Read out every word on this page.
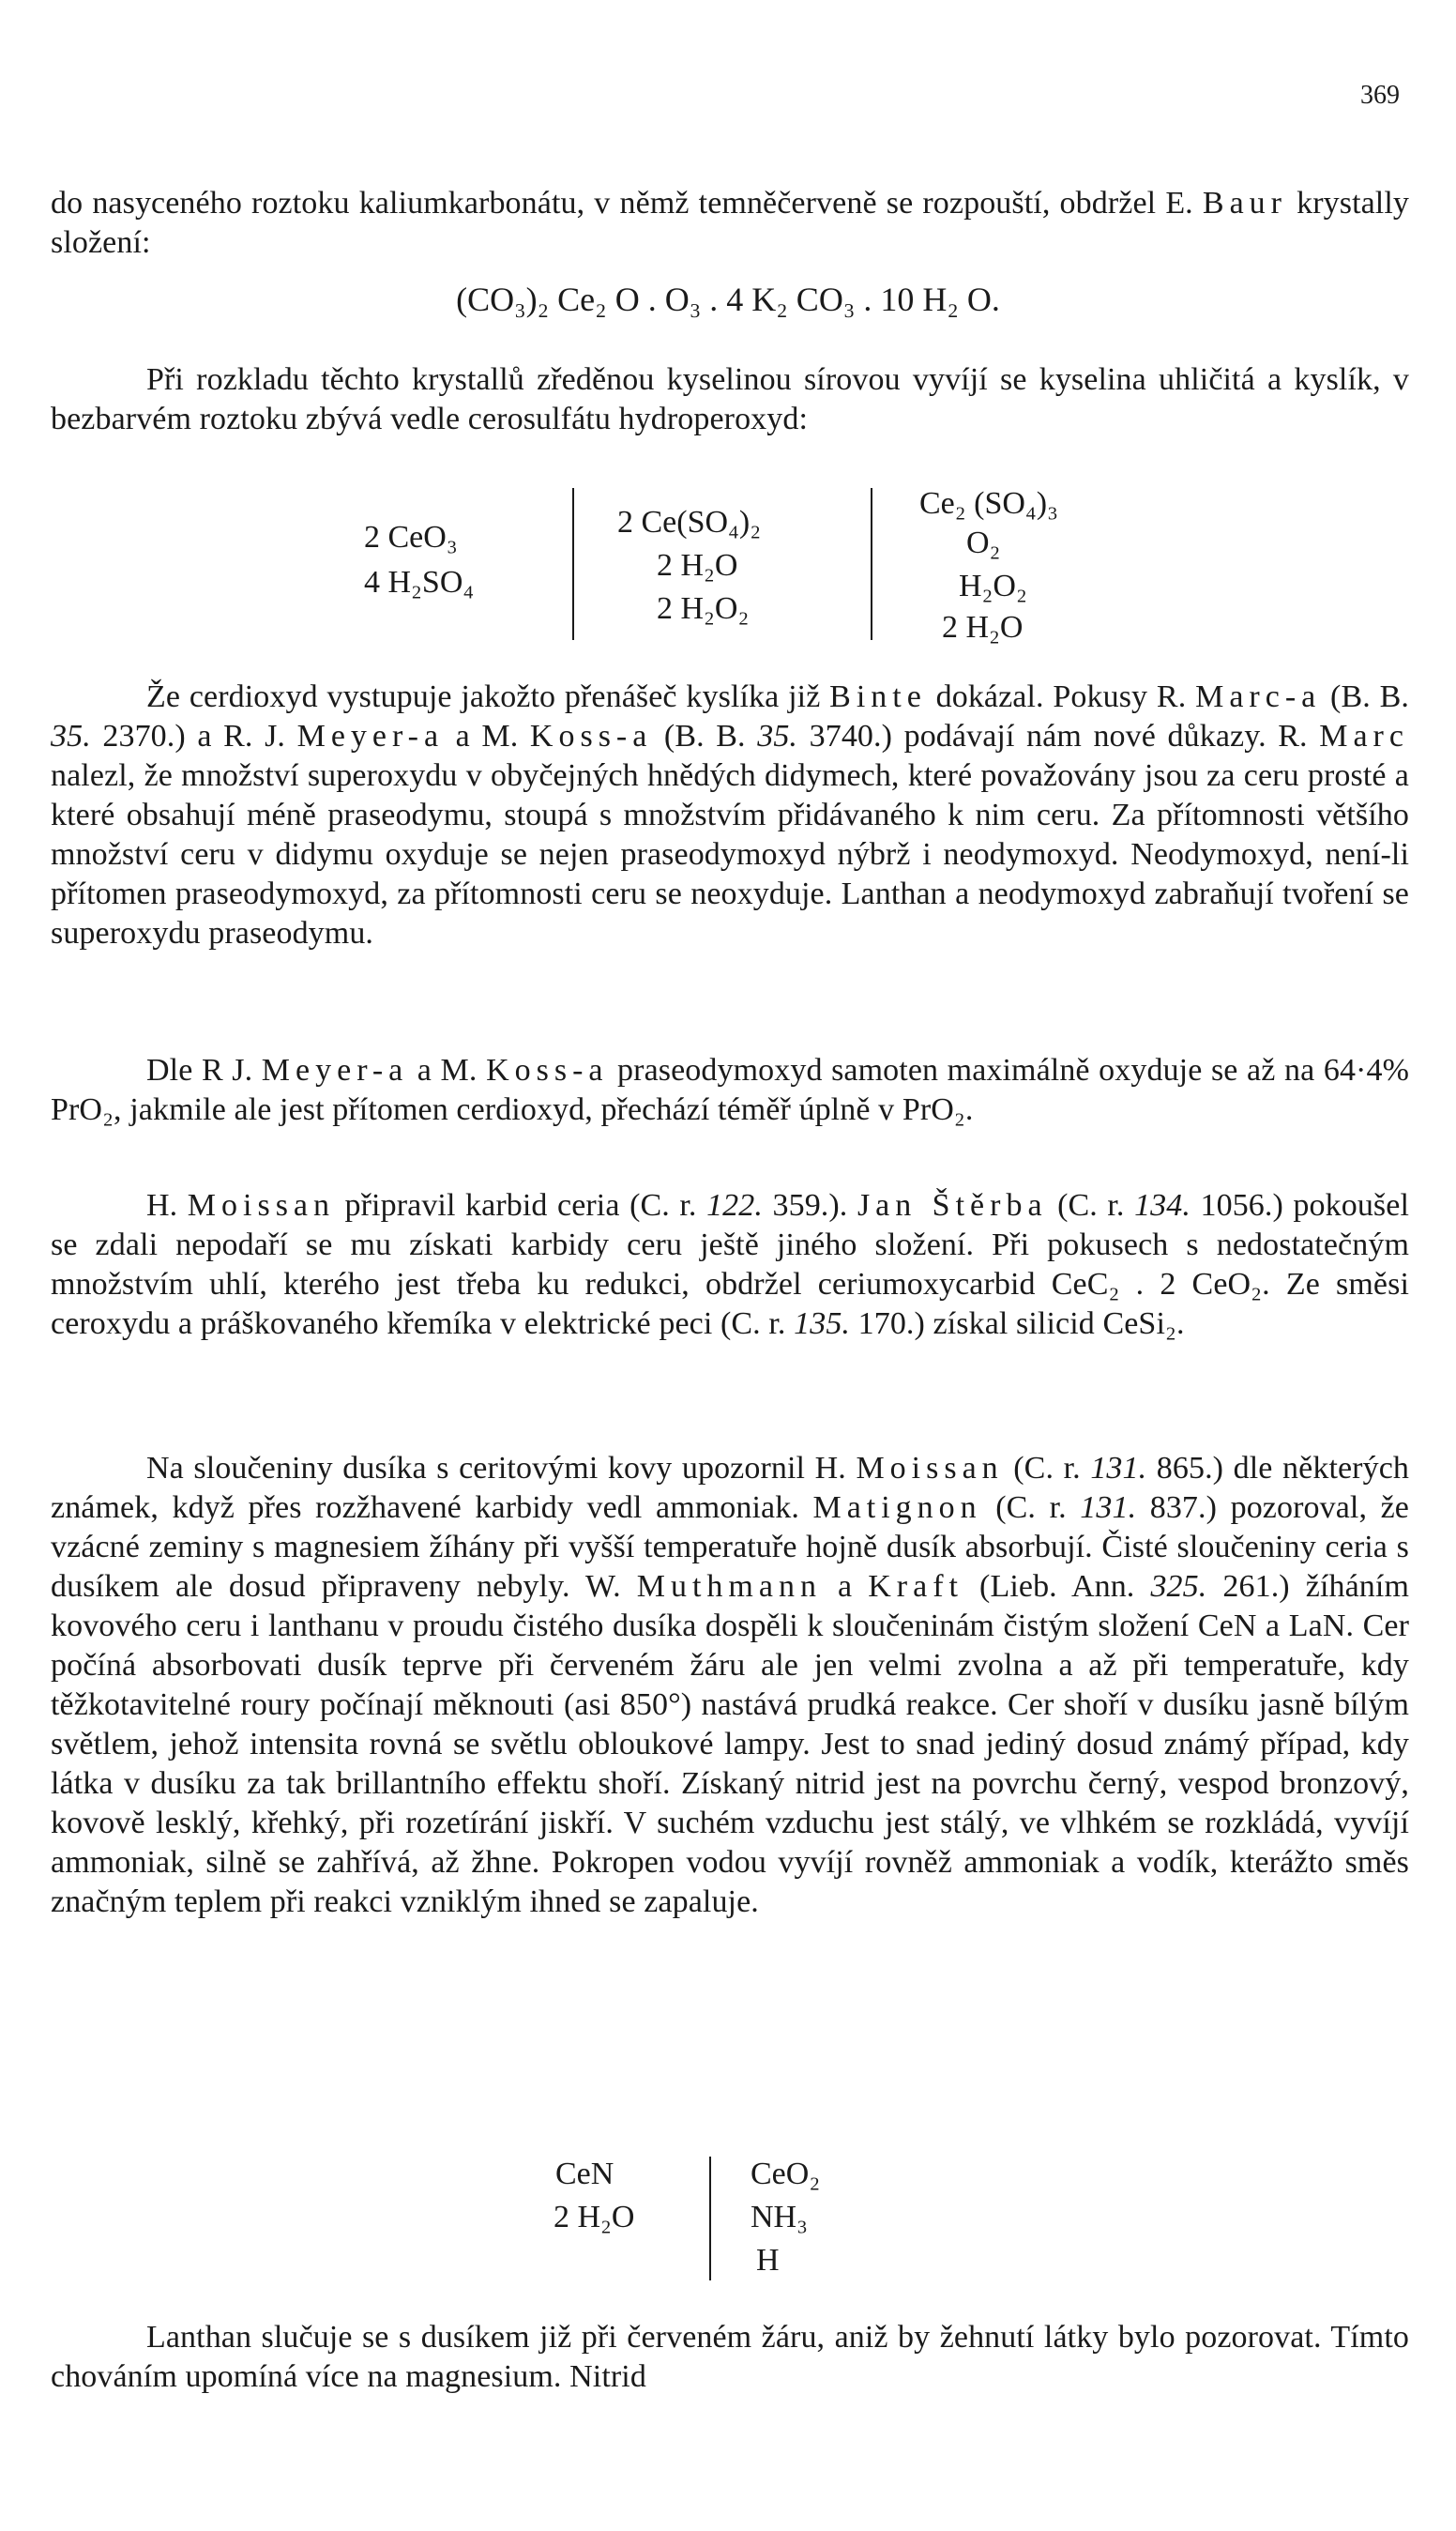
369
do nasyceného roztoku kaliumkarbonátu, v němž temněčerveně se rozpouští, obdržel E. Baur krystally složení:
(CO₃)₂ Ce₂ O . O₃ . 4 K₂ CO₃ . 10 H₂ O.
Při rozkladu těchto krystallů zředěnou kyselinou sírovou vyvíjí se kyselina uhličitá a kyslík, v bezbarvém roztoku zbývá vedle cerosulfátu hydroperoxyd:
2 CeO₃
4 H₂SO₄
2 Ce(SO₄)₂
2 H₂O
2 H₂O₂
Ce₂ (SO₄)₃
O₂
H₂O₂
2 H₂O
Že cerdioxyd vystupuje jakožto přenášeč kyslíka již Binte dokázal. Pokusy R. Marc-a (B. B. 35. 2370.) a R. J. Meyer-a a M. Koss-a (B. B. 35. 3740.) podávají nám nové důkazy. R. Marc nalezl, že množství superoxydu v obyčejných hnědých didymech, které považovány jsou za ceru prosté a které obsahují méně praseodymu, stoupá s množstvím přidávaného k nim ceru. Za přítomnosti většího množství ceru v didymu oxyduje se nejen praseodymoxyd nýbrž i neodymoxyd. Neodymoxyd, není-li přítomen praseodymoxyd, za přítomnosti ceru se neoxyduje. Lanthan a neodymoxyd zabraňují tvoření se superoxydu praseodymu.
Dle R J. Meyer-a a M. Koss-a praseodymoxyd samoten maximálně oxyduje se až na 64·4% PrO₂, jakmile ale jest přítomen cerdioxyd, přechází téměř úplně v PrO₂.
H. Moissan připravil karbid ceria (C. r. 122. 359.). Jan Štěrba (C. r. 134. 1056.) pokoušel se zdali nepodaří se mu získati karbidy ceru ještě jiného složení. Při pokusech s nedostatečným množstvím uhlí, kterého jest třeba ku redukci, obdržel ceriumoxycarbid CeC₂ . 2 CeO₂. Ze směsi ceroxydu a práškovaného křemíka v elektrické peci (C. r. 135. 170.) získal silicid CeSi₂.
Na sloučeniny dusíka s ceritovými kovy upozornil H. Moissan (C. r. 131. 865.) dle některých známek, když přes rozžhavené karbidy vedl ammoniak. Matignon (C. r. 131. 837.) pozoroval, že vzácné zeminy s magnesiem žíhány při vyšší temperatuře hojně dusík absorbují. Čisté sloučeniny ceria s dusíkem ale dosud připraveny nebyly. W. Muthmann a Kraft (Lieb. Ann. 325. 261.) žíháním kovového ceru i lanthanu v proudu čistého dusíka dospěli k sloučeninám čistým složení CeN a LaN. Cer počíná absorbovati dusík teprve při červeném žáru ale jen velmi zvolna a až při temperatuře, kdy těžkotavitelné roury počínají měknouti (asi 850°) nastává prudká reakce. Cer shoří v dusíku jasně bílým světlem, jehož intensita rovná se světlu obloukové lampy. Jest to snad jediný dosud známý případ, kdy látka v dusíku za tak brillantního effektu shoří. Získaný nitrid jest na povrchu černý, vespod bronzový, kovově lesklý, křehký, při rozetírání jiskří. V suchém vzduchu jest stálý, ve vlhkém se rozkládá, vyvíjí ammoniak, silně se zahřívá, až žhne. Pokropen vodou vyvíjí rovněž ammoniak a vodík, kterážto směs značným teplem při reakci vzniklým ihned se zapaluje.
CeN
2 H₂O
CeO₂
NH₃
H
Lanthan slučuje se s dusíkem již při červeném žáru, aniž by žehnutí látky bylo pozorovat. Tímto chováním upomíná více na magnesium. Nitrid
